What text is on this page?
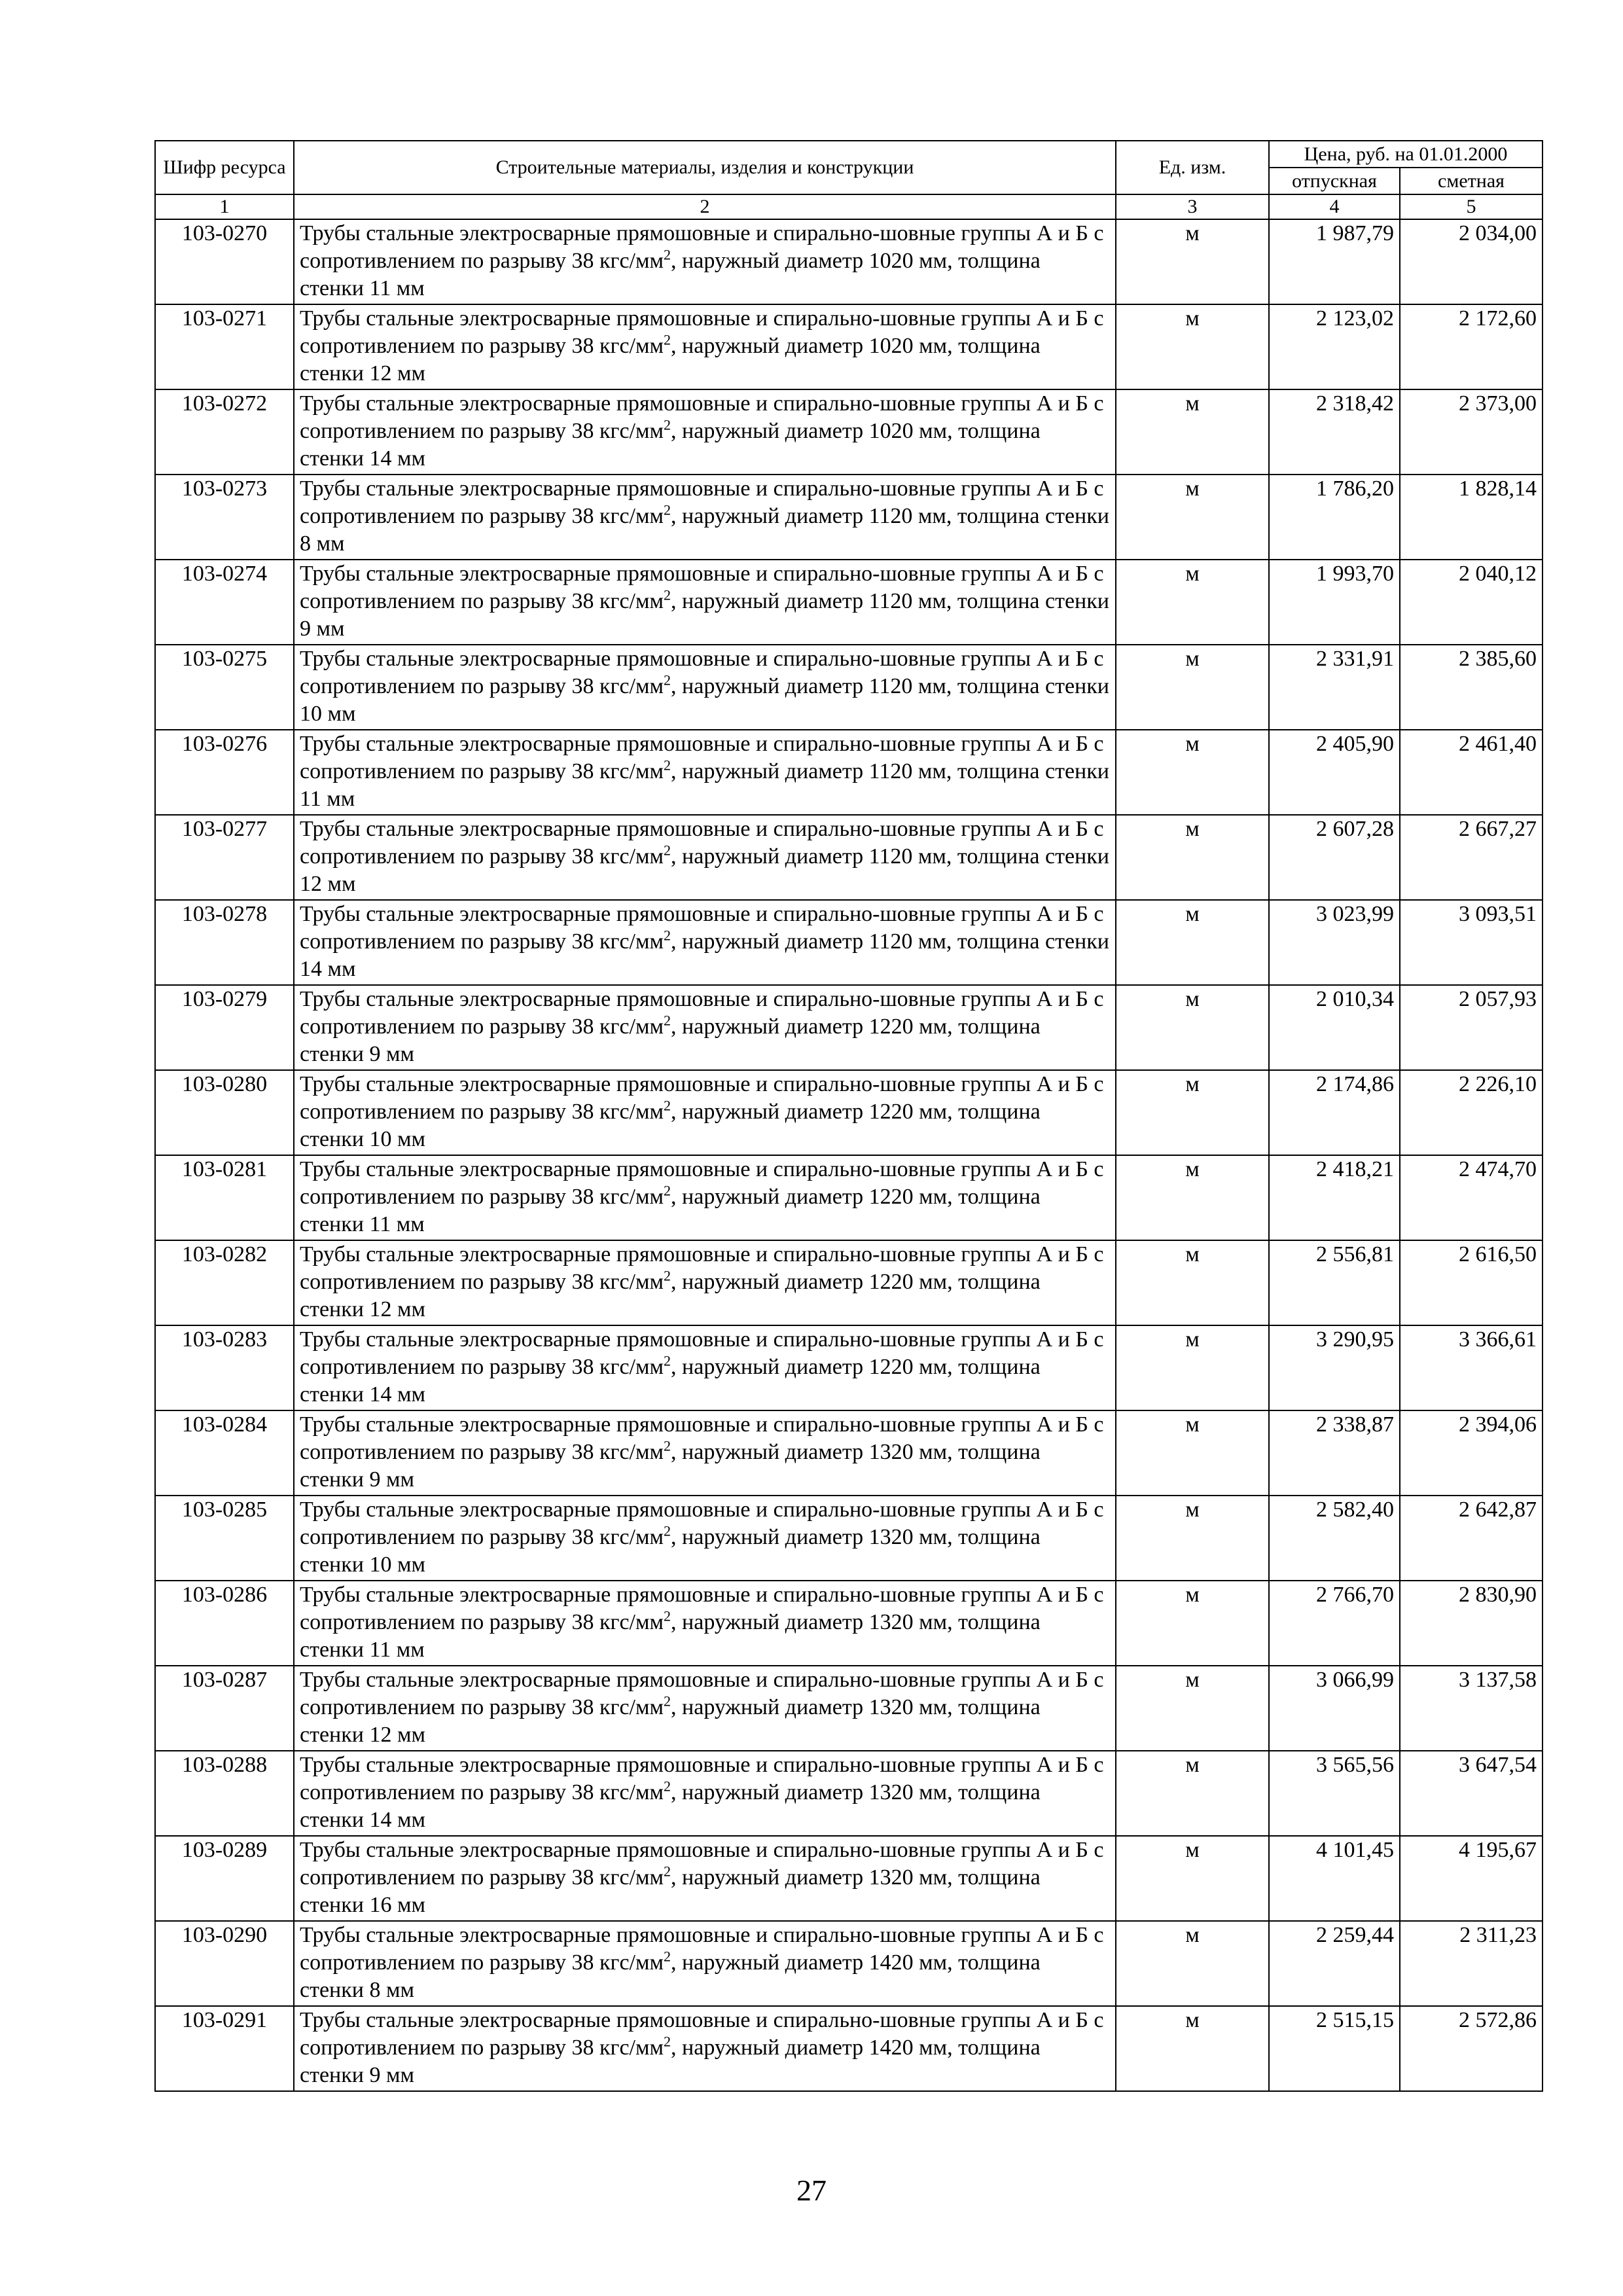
Шифр ресурса	Строительные материалы, изделия и конструкции	Ед. изм.	Цена, руб. на 01.01.2000	
			отпускная	сметная
1	2	3	4	5
103-0270	Трубы стальные электросварные прямошовные и спирально-шовные группы А и Б с сопротивлением по разрыву 38 кгс/$мм^2$, наружный диаметр 1020 мм, толщина стенки 11 мм	м	1 987,79	2 034,00
103-0271	Трубы стальные электросварные прямошовные и спирально-шовные группы А и Б с сопротивлением по разрыву 38 кгс/$мм^2$, наружный диаметр 1020 мм, толщина стенки 12 мм	м	2 123,02	2 172,60
103-0272	Трубы стальные электросварные прямошовные и спирально-шовные группы А и Б с сопротивлением по разрыву 38 кгс/$мм^2$, наружный диаметр 1020 мм, толщина стенки 14 мм	м	2 318,42	2 373,00
103-0273	Трубы стальные электросварные прямошовные и спирально-шовные группы А и Б с сопротивлением по разрыву 38 кгс/$мм^2$, наружный диаметр 1120 мм, толщина стенки 8 мм	м	1 786,20	1 828,14
103-0274	Трубы стальные электросварные прямошовные и спирально-шовные группы А и Б с сопротивлением по разрыву 38 кгс/$мм^2$, наружный диаметр 1120 мм, толщина стенки 9 мм	м	1 993,70	2 040,12
103-0275	Трубы стальные электросварные прямошовные и спирально-шовные группы А и Б с сопротивлением по разрыву 38 кгс/$мм^2$, наружный диаметр 1120 мм, толщина стенки 10 мм	м	2 331,91	2 385,60
103-0276	Трубы стальные электросварные прямошовные и спирально-шовные группы А и Б с сопротивлением по разрыву 38 кгс/$мм^2$, наружный диаметр 1120 мм, толщина стенки 11 мм	м	2 405,90	2 461,40
103-0277	Трубы стальные электросварные прямошовные и спирально-шовные группы А и Б с сопротивлением по разрыву 38 кгс/$мм^2$, наружный диаметр 1120 мм, толщина стенки 12 мм	м	2 607,28	2 667,27
103-0278	Трубы стальные электросварные прямошовные и спирально-шовные группы А и Б с сопротивлением по разрыву 38 кгс/$мм^2$, наружный диаметр 1120 мм, толщина стенки 14 мм	м	3 023,99	3 093,51
103-0279	Трубы стальные электросварные прямошовные и спирально-шовные группы А и Б с сопротивлением по разрыву 38 кгс/$мм^2$, наружный диаметр 1220 мм, толщина стенки 9 мм	м	2 010,34	2 057,93
103-0280	Трубы стальные электросварные прямошовные и спирально-шовные группы А и Б с сопротивлением по разрыву 38 кгс/$мм^2$, наружный диаметр 1220 мм, толщина стенки 10 мм	м	2 174,86	2 226,10
103-0281	Трубы стальные электросварные прямошовные и спирально-шовные группы А и Б с сопротивлением по разрыву 38 кгс/$мм^2$, наружный диаметр 1220 мм, толщина стенки 11 мм	м	2 418,21	2 474,70
103-0282	Трубы стальные электросварные прямошовные и спирально-шовные группы А и Б с сопротивлением по разрыву 38 кгс/$мм^2$, наружный диаметр 1220 мм, толщина стенки 12 мм	м	2 556,81	2 616,50
103-0283	Трубы стальные электросварные прямошовные и спирально-шовные группы А и Б с сопротивлением по разрыву 38 кгс/$мм^2$, наружный диаметр 1220 мм, толщина стенки 14 мм	м	3 290,95	3 366,61
103-0284	Трубы стальные электросварные прямошовные и спирально-шовные группы А и Б с сопротивлением по разрыву 38 кгс/$мм^2$, наружный диаметр 1320 мм, толщина стенки 9 мм	м	2 338,87	2 394,06
103-0285	Трубы стальные электросварные прямошовные и спирально-шовные группы А и Б с сопротивлением по разрыву 38 кгс/$мм^2$, наружный диаметр 1320 мм, толщина стенки 10 мм	м	2 582,40	2 642,87
103-0286	Трубы стальные электросварные прямошовные и спирально-шовные группы А и Б с сопротивлением по разрыву 38 кгс/$мм^2$, наружный диаметр 1320 мм, толщина стенки 11 мм	м	2 766,70	2 830,90
103-0287	Трубы стальные электросварные прямошовные и спирально-шовные группы А и Б с сопротивлением по разрыву 38 кгс/$мм^2$, наружный диаметр 1320 мм, толщина стенки 12 мм	м	3 066,99	3 137,58
103-0288	Трубы стальные электросварные прямошовные и спирально-шовные группы А и Б с сопротивлением по разрыву 38 кгс/$мм^2$, наружный диаметр 1320 мм, толщина стенки 14 мм	м	3 565,56	3 647,54
103-0289	Трубы стальные электросварные прямошовные и спирально-шовные группы А и Б с сопротивлением по разрыву 38 кгс/$мм^2$, наружный диаметр 1320 мм, толщина стенки 16 мм	м	4 101,45	4 195,67
103-0290	Трубы стальные электросварные прямошовные и спирально-шовные группы А и Б с сопротивлением по разрыву 38 кгс/$мм^2$, наружный диаметр 1420 мм, толщина стенки 8 мм	м	2 259,44	2 311,23
103-0291	Трубы стальные электросварные прямошовные и спирально-шовные группы А и Б с сопротивлением по разрыву 38 кгс/$мм^2$, наружный диаметр 1420 мм, толщина стенки 9 мм	м	2 515,15	2 572,86
27
